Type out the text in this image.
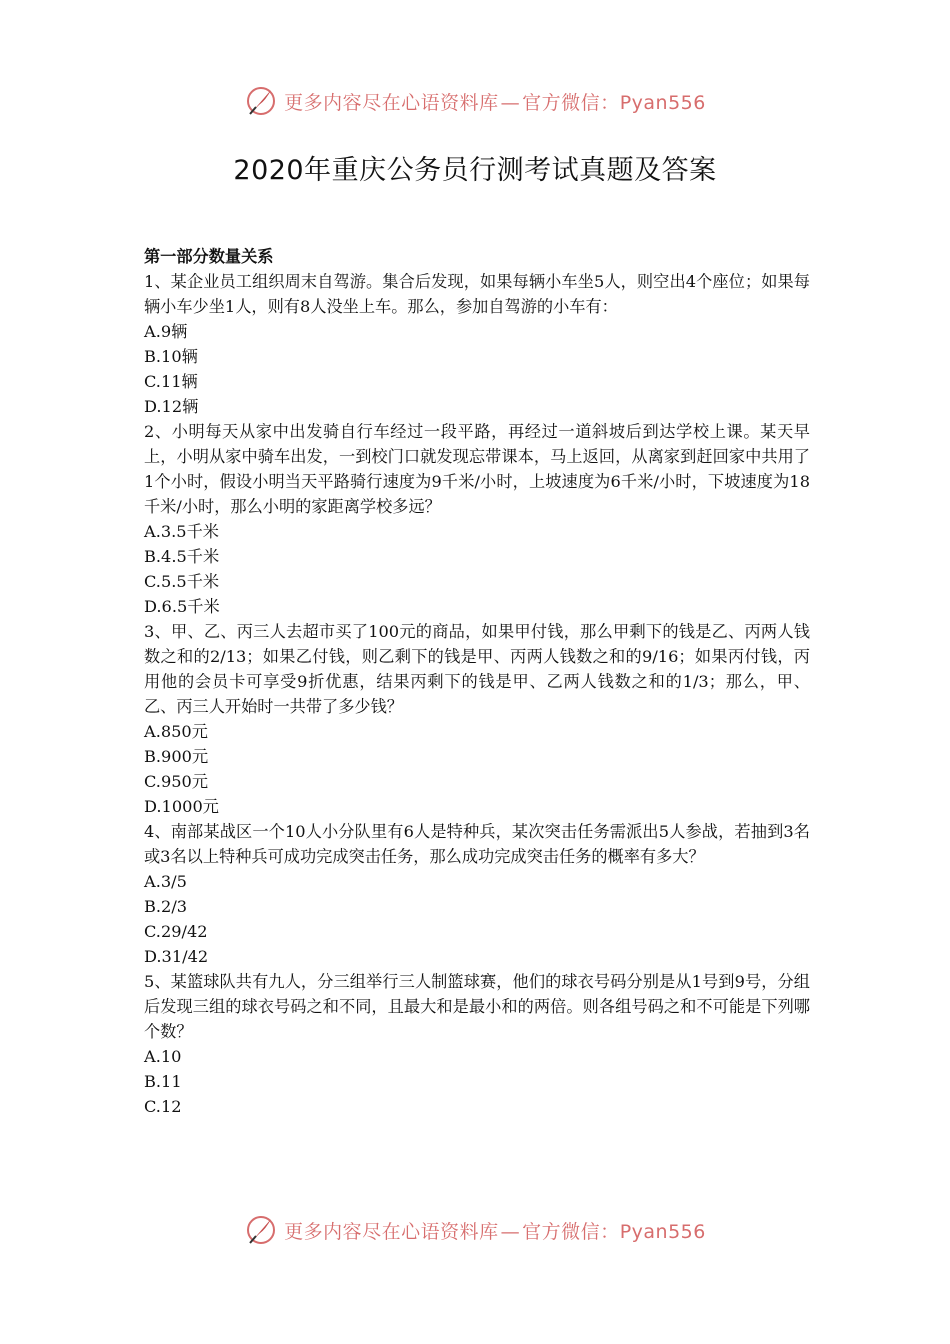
更多内容尽在心语资料库 — 官方微信：Pyan556
2020年重庆公务员行测考试真题及答案

第一部分数量关系

1、某企业员工组织周末自驾游。集合后发现，如果每辆小车坐5人，则空出4个座位；如果每辆小车少坐1人，则有8人没坐上车。那么，参加自驾游的小车有：

A.9辆

B.10辆

C.11辆

D.12辆

2、小明每天从家中出发骑自行车经过一段平路，再经过一道斜坡后到达学校上课。某天早上，小明从家中骑车出发，一到校门口就发现忘带课本，马上返回，从离家到赶回家中共用了1个小时，假设小明当天平路骑行速度为9千米/小时，上坡速度为6千米/小时，下坡速度为18千米/小时，那么小明的家距离学校多远？

A.3.5千米

B.4.5千米

C.5.5千米

D.6.5千米

3、甲、乙、丙三人去超市买了100元的商品，如果甲付钱，那么甲剩下的钱是乙、丙两人钱数之和的2/13；如果乙付钱，则乙剩下的钱是甲、丙两人钱数之和的9/16；如果丙付钱，丙用他的会员卡可享受9折优惠，结果丙剩下的钱是甲、乙两人钱数之和的1/3；那么，甲、乙、丙三人开始时一共带了多少钱？

A.850元

B.900元

C.950元

D.1000元

4、南部某战区一个10人小分队里有6人是特种兵，某次突击任务需派出5人参战，若抽到3名或3名以上特种兵可成功完成突击任务，那么成功完成突击任务的概率有多大？

A.3/5

B.2/3

C.29/42

D.31/42

5、某篮球队共有九人，分三组举行三人制篮球赛，他们的球衣号码分别是从1号到9号，分组后发现三组的球衣号码之和不同，且最大和是最小和的两倍。则各组号码之和不可能是下列哪个数？

A.10

B.11

C.12

更多内容尽在心语资料库 — 官方微信：Pyan556
